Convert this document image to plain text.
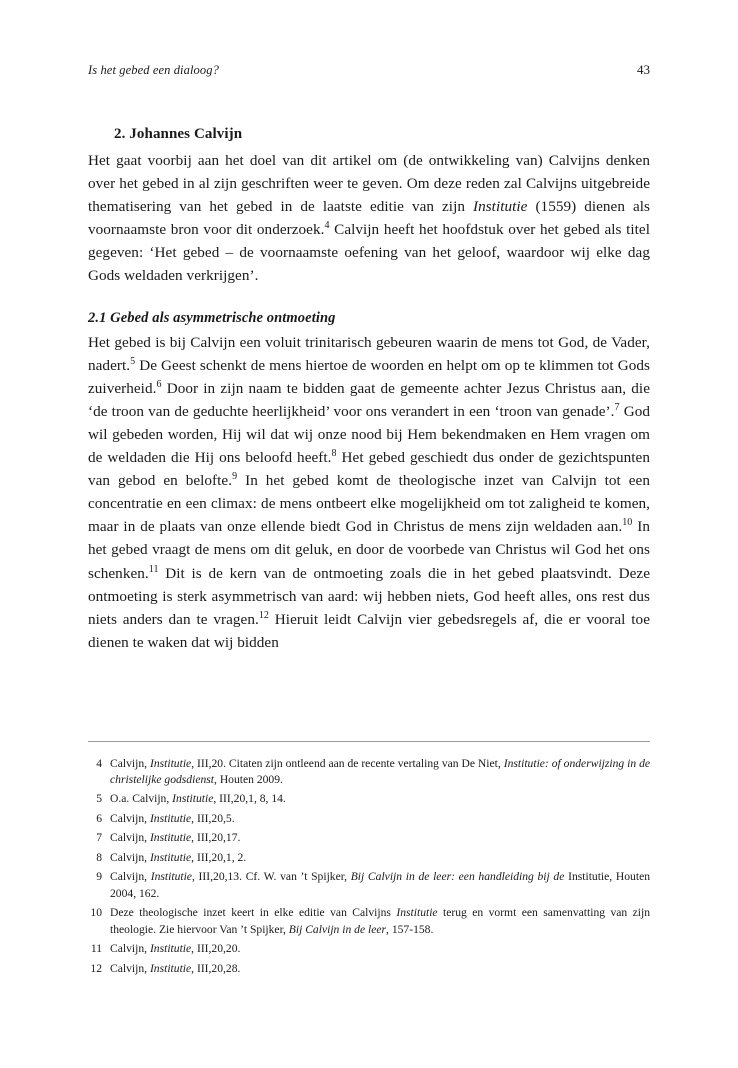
Is het gebed een dialoog?	43
2. Johannes Calvijn

Het gaat voorbij aan het doel van dit artikel om (de ontwikkeling van) Calvijns denken over het gebed in al zijn geschriften weer te geven. Om deze reden zal Calvijns uitgebreide thematisering van het gebed in de laatste editie van zijn Institutie (1559) dienen als voornaamste bron voor dit onderzoek.$^4$ Calvijn heeft het hoofdstuk over het gebed als titel gegeven: ‘Het gebed – de voornaamste oefening van het geloof, waardoor wij elke dag Gods weldaden verkrijgen’.

2.1 Gebed als asymmetrische ontmoeting

Het gebed is bij Calvijn een voluit trinitarisch gebeuren waarin de mens tot God, de Vader, nadert.$^5$ De Geest schenkt de mens hiertoe de woorden en helpt om op te klimmen tot Gods zuiverheid.$^6$ Door in zijn naam te bidden gaat de gemeente achter Jezus Christus aan, die ‘de troon van de geduchte heerlijkheid’ voor ons verandert in een ‘troon van genade’.$^7$ God wil gebeden worden, Hij wil dat wij onze nood bij Hem bekendmaken en Hem vragen om de weldaden die Hij ons beloofd heeft.$^8$ Het gebed geschiedt dus onder de gezichtspunten van gebod en belofte.$^9$ In het gebed komt de theologische inzet van Calvijn tot een concentratie en een climax: de mens ontbeert elke mogelijkheid om tot zaligheid te komen, maar in de plaats van onze ellende biedt God in Christus de mens zijn weldaden aan.$^{10}$ In het gebed vraagt de mens om dit geluk, en door de voorbede van Christus wil God het ons schenken.$^{11}$ Dit is de kern van de ontmoeting zoals die in het gebed plaatsvindt. Deze ontmoeting is sterk asymmetrisch van aard: wij hebben niets, God heeft alles, ons rest dus niets anders dan te vragen.$^{12}$ Hieruit leidt Calvijn vier gebedsregels af, die er vooral toe dienen te waken dat wij bidden

4 Calvijn, Institutie, III,20. Citaten zijn ontleend aan de recente vertaling van De Niet, Institutie: of onderwijzing in de christelijke godsdienst, Houten 2009.
5 O.a. Calvijn, Institutie, III,20,1, 8, 14.
6 Calvijn, Institutie, III,20,5.
7 Calvijn, Institutie, III,20,17.
8 Calvijn, Institutie, III,20,1, 2.
9 Calvijn, Institutie, III,20,13. Cf. W. van ’t Spijker, Bij Calvijn in de leer: een handleiding bij de Institutie, Houten 2004, 162.
10 Deze theologische inzet keert in elke editie van Calvijns Institutie terug en vormt een samenvatting van zijn theologie. Zie hiervoor Van ’t Spijker, Bij Calvijn in de leer, 157-158.
11 Calvijn, Institutie, III,20,20.
12 Calvijn, Institutie, III,20,28.
